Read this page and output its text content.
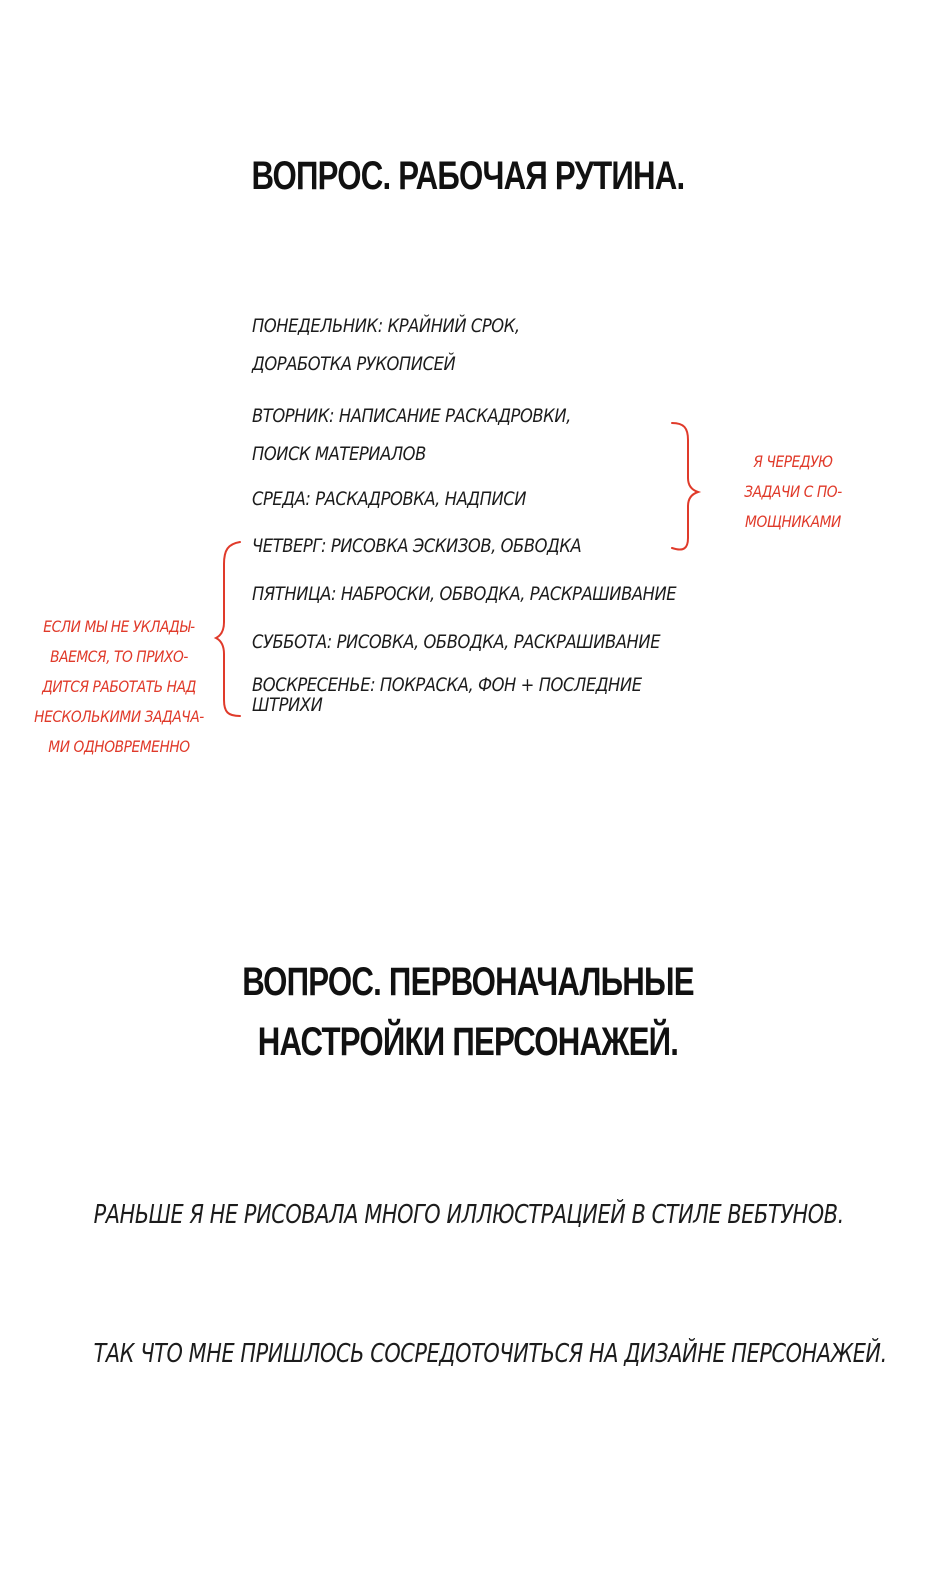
ВОПРОС. РАБОЧАЯ РУТИНА.
ПОНЕДЕЛЬНИК: КРАЙНИЙ СРОК,
ДОРАБОТКА РУКОПИСЕЙ
ВТОРНИК: НАПИСАНИЕ РАСКАДРОВКИ,
ПОИСК МАТЕРИАЛОВ
СРЕДА: РАСКАДРОВКА, НАДПИСИ
ЧЕТВЕРГ: РИСОВКА ЭСКИЗОВ, ОБВОДКА
ПЯТНИЦА: НАБРОСКИ, ОБВОДКА, РАСКРАШИВАНИЕ
СУББОТА: РИСОВКА, ОБВОДКА, РАСКРАШИВАНИЕ
ВОСКРЕСЕНЬЕ: ПОКРАСКА, ФОН + ПОСЛЕДНИЕ
ШТРИХИ
Я ЧЕРЕДУЮ
ЗАДАЧИ С ПО-
МОЩНИКАМИ
ЕСЛИ МЫ НЕ УКЛАДЫ-
ВАЕМСЯ, ТО ПРИХО-
ДИТСЯ РАБОТАТЬ НАД
НЕСКОЛЬКИМИ ЗАДАЧА-
МИ ОДНОВРЕМЕННО
ВОПРОС. ПЕРВОНАЧАЛЬНЫЕ
НАСТРОЙКИ ПЕРСОНАЖЕЙ.
РАНЬШЕ Я НЕ РИСОВАЛА МНОГО ИЛЛЮСТРАЦИЕЙ В СТИЛЕ ВЕБТУНОВ.
ТАК ЧТО МНЕ ПРИШЛОСЬ СОСРЕДОТОЧИТЬСЯ НА ДИЗАЙНЕ ПЕРСОНАЖЕЙ.
